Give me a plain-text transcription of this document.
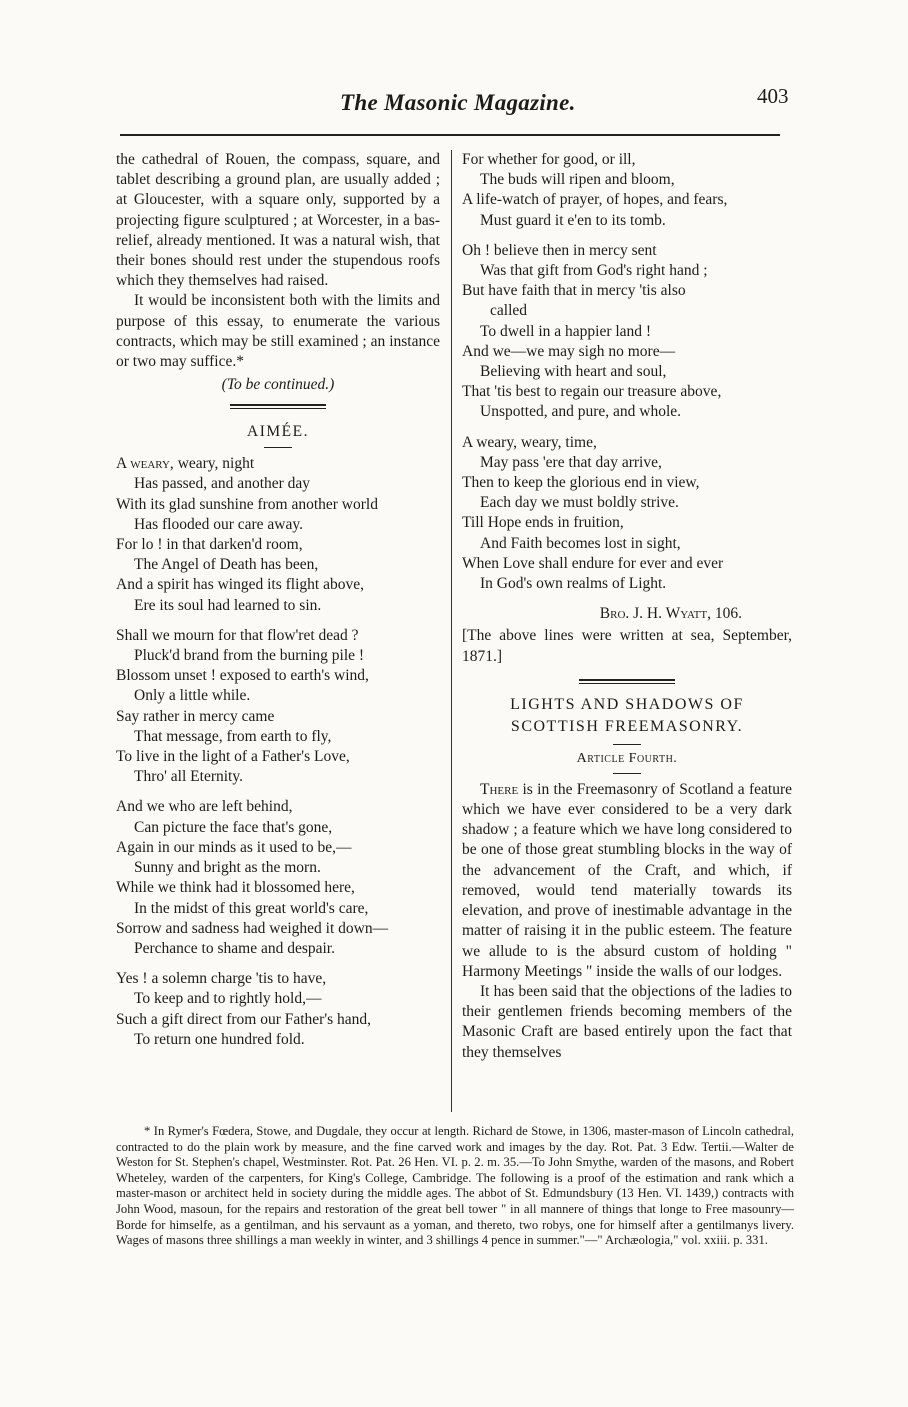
The Masonic Magazine.	403

the cathedral of Rouen, the compass, square, and tablet describing a ground plan, are usually added ; at Gloucester, with a square only, supported by a projecting figure sculptured ; at Worcester, in a bas-relief, already mentioned. It was a natural wish, that their bones should rest under the stupendous roofs which they themselves had raised.

It would be inconsistent both with the limits and purpose of this essay, to enumerate the various contracts, which may be still examined ; an instance or two may suffice.*

(To be continued.)
AIMÉE.
A weary, weary, night
Has passed, and another day
With its glad sunshine from another world
Has flooded our care away.
For lo ! in that darken'd room,
The Angel of Death has been,
And a spirit has winged its flight above,
Ere its soul had learned to sin.
Shall we mourn for that flow'ret dead ?
Pluck'd brand from the burning pile !
Blossom unset ! exposed to earth's wind,
Only a little while.
Say rather in mercy came
That message, from earth to fly,
To live in the light of a Father's Love,
Thro' all Eternity.
And we who are left behind,
Can picture the face that's gone,
Again in our minds as it used to be,—
Sunny and bright as the morn.
While we think had it blossomed here,
In the midst of this great world's care,
Sorrow and sadness had weighed it down—
Perchance to shame and despair.
Yes ! a solemn charge 'tis to have,
To keep and to rightly hold,—
Such a gift direct from our Father's hand,
To return one hundred fold.
For whether for good, or ill,
The buds will ripen and bloom,
A life-watch of prayer, of hopes, and fears,
Must guard it e'en to its tomb.
Oh ! believe then in mercy sent
Was that gift from God's right hand ;
But have faith that in mercy 'tis also
called
To dwell in a happier land !
And we—we may sigh no more—
Believing with heart and soul,
That 'tis best to regain our treasure above,
Unspotted, and pure, and whole.
A weary, weary, time,
May pass 'ere that day arrive,
Then to keep the glorious end in view,
Each day we must boldly strive.
Till Hope ends in fruition,
And Faith becomes lost in sight,
When Love shall endure for ever and ever
In God's own realms of Light.
Bro. J. H. Wyatt, 106.

[The above lines were written at sea, September, 1871.]

LIGHTS AND SHADOWS OF
SCOTTISH FREEMASONRY.
Article Fourth.

There is in the Freemasonry of Scotland a feature which we have ever considered to be a very dark shadow ; a feature which we have long considered to be one of those great stumbling blocks in the way of the advancement of the Craft, and which, if removed, would tend materially towards its elevation, and prove of inestimable advantage in the matter of raising it in the public esteem. The feature we allude to is the absurd custom of holding " Harmony Meetings " inside the walls of our lodges.

It has been said that the objections of the ladies to their gentlemen friends becoming members of the Masonic Craft are based entirely upon the fact that they themselves

* In Rymer's Fœdera, Stowe, and Dugdale, they occur at length. Richard de Stowe, in 1306, master-mason of Lincoln cathedral, contracted to do the plain work by measure, and the fine carved work and images by the day. Rot. Pat. 3 Edw. Tertii.—Walter de Weston for St. Stephen's chapel, Westminster. Rot. Pat. 26 Hen. VI. p. 2. m. 35.—To John Smythe, warden of the masons, and Robert Wheteley, warden of the carpenters, for King's College, Cambridge. The following is a proof of the estimation and rank which a master-mason or architect held in society during the middle ages. The abbot of St. Edmundsbury (13 Hen. VI. 1439,) contracts with John Wood, masoun, for the repairs and restoration of the great bell tower " in all mannere of things that longe to Free masounry—Borde for himselfe, as a gentilman, and his servaunt as a yoman, and thereto, two robys, one for himself after a gentilmanys livery. Wages of masons three shillings a man weekly in winter, and 3 shillings 4 pence in summer."—" Archæologia," vol. xxiii. p. 331.
